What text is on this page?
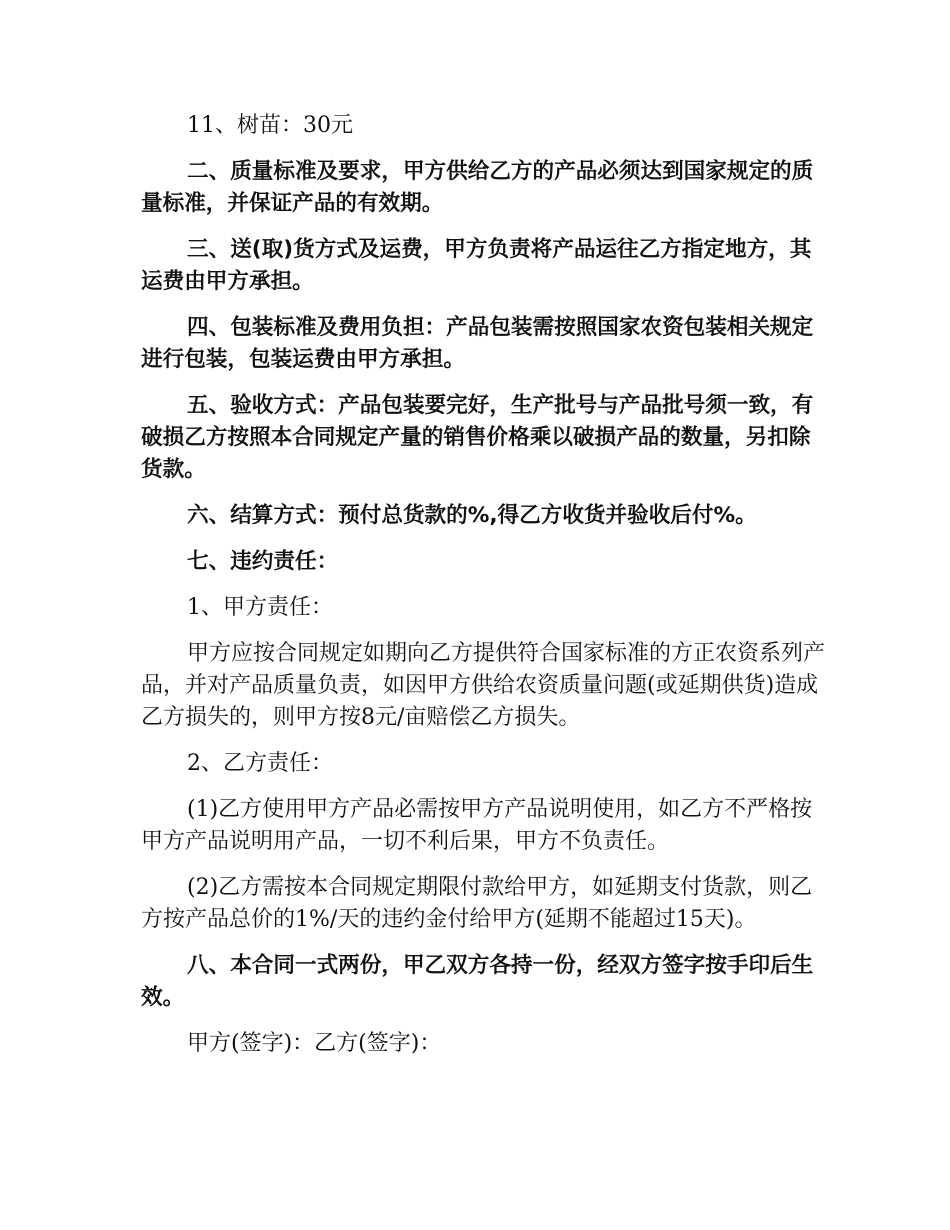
11、树苗：30元

二、质量标准及要求，甲方供给乙方的产品必须达到国家规定的质量标准，并保证产品的有效期。

三、送(取)货方式及运费，甲方负责将产品运往乙方指定地方，其运费由甲方承担。

四、包装标准及费用负担：产品包装需按照国家农资包装相关规定进行包装，包装运费由甲方承担。

五、验收方式：产品包装要完好，生产批号与产品批号须一致，有破损乙方按照本合同规定产量的销售价格乘以破损产品的数量，另扣除货款。

六、结算方式：预付总货款的%,得乙方收货并验收后付%。

七、违约责任：

1、甲方责任：

甲方应按合同规定如期向乙方提供符合国家标准的方正农资系列产品，并对产品质量负责，如因甲方供给农资质量问题(或延期供货)造成乙方损失的，则甲方按8元/亩赔偿乙方损失。

2、乙方责任：

(1)乙方使用甲方产品必需按甲方产品说明使用，如乙方不严格按甲方产品说明用产品，一切不利后果，甲方不负责任。

(2)乙方需按本合同规定期限付款给甲方，如延期支付货款，则乙方按产品总价的1%/天的违约金付给甲方(延期不能超过15天)。

八、本合同一式两份，甲乙双方各持一份，经双方签字按手印后生效。

甲方(签字)：乙方(签字)：
